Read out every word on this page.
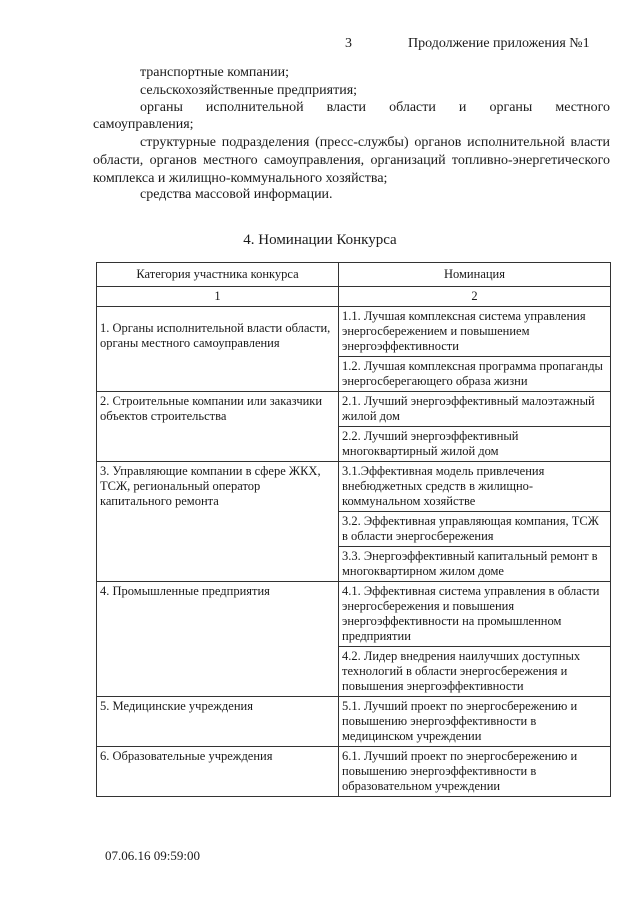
3	Продолжение приложения №1
транспортные компании;
сельскохозяйственные предприятия;
органы исполнительной власти области и органы местного
самоуправления;
структурные подразделения (пресс-службы) органов исполнительной власти области, органов местного самоуправления, организаций топливно-энергетического комплекса и жилищно-коммунального хозяйства;
средства массовой информации.
4. Номинации Конкурса
Категория участника конкурса	Номинация
1	2
1. Органы исполнительной власти области, органы местного самоуправления	1.1. Лучшая комплексная система управления энергосбережением и повышением энергоэффективности
	1.2. Лучшая комплексная программа пропаганды энергосберегающего образа жизни
2. Строительные компании или заказчики объектов строительства	2.1. Лучший энергоэффективный малоэтажный жилой дом
	2.2. Лучший энергоэффективный многоквартирный жилой дом
3. Управляющие компании в сфере ЖКХ, ТСЖ, региональный оператор капитального ремонта	3.1.Эффективная модель привлечения внебюджетных средств в жилищно-коммунальном хозяйстве
	3.2. Эффективная управляющая компания, ТСЖ в области энергосбережения
	3.3. Энергоэффективный капитальный ремонт в многоквартирном жилом доме
4. Промышленные предприятия	4.1. Эффективная система управления в области энергосбережения и повышения энергоэффективности на промышленном предприятии
	4.2. Лидер внедрения наилучших доступных технологий в области энергосбережения и повышения энергоэффективности
5. Медицинские учреждения	5.1. Лучший проект по энергосбережению и повышению энергоэффективности в медицинском учреждении
6. Образовательные учреждения	6.1. Лучший проект по энергосбережению и повышению энергоэффективности в образовательном учреждении
07.06.16 09:59:00
